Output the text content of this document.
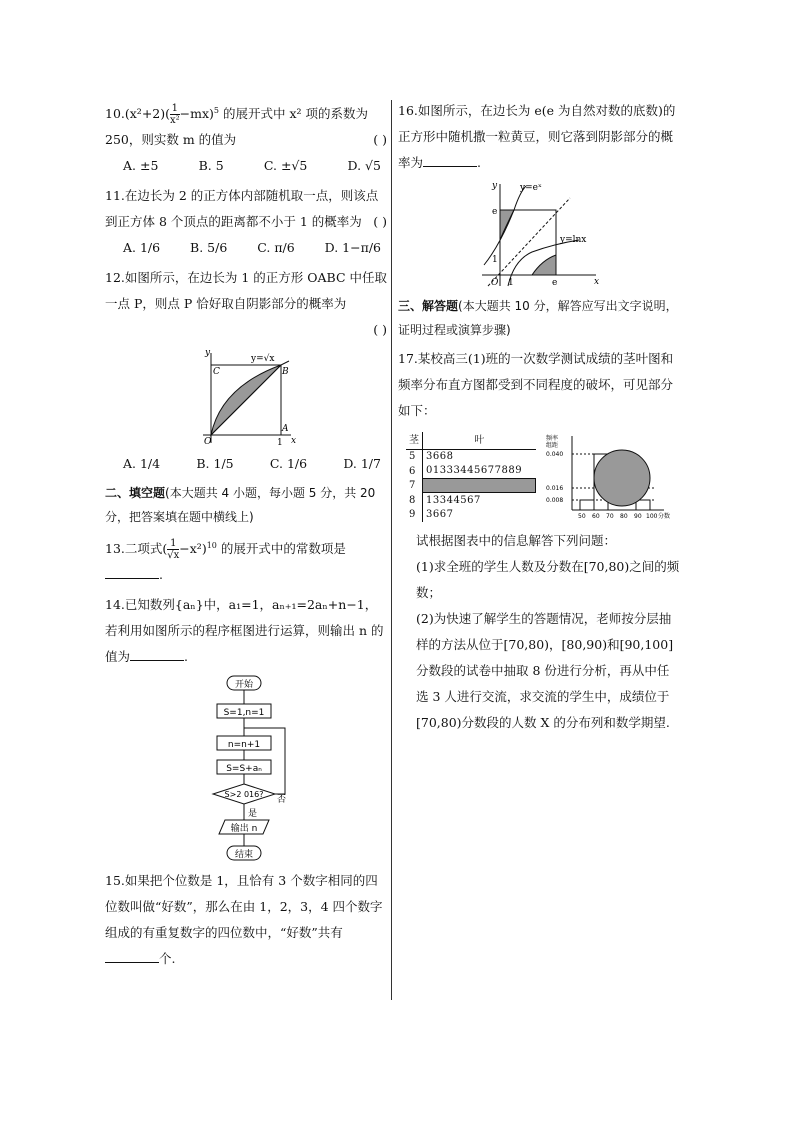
$10.(x^2+2)( \frac{1}{\text{x²}} -mx)^5$ 的展开式中 x² 项的系数为 250，则实数 m 的值为	( )
A. ±5	B. 5	C. ±√5	D. √5
11.在边长为 2 的正方体内部随机取一点，则该点到正方体 8 个顶点的距离都不小于 1 的概率为 ( )
A. 1/6 B. 5/6 C. π/6 D. 1−π/6
12.如图所示，在边长为 1 的正方形 OABC 中任取一点 P，则点 P 恰好取自阴影部分的概率为
( )
y
x
y=√x
C	B
O
A
1
A. 1/4	B. 1/5	C. 1/6	D. 1/7
二、填空题(本大题共 4 小题，每小题 5 分，共 20 分，把答案填在题中横线上)
13.二项式( $\frac{1}{√x} -x^2)^{10}$ 的展开式中的常数项是
.
14.已知数列{aₙ}中，a₁=1，aₙ₊₁=2aₙ+n−1，若利用如图所示的程序框图进行运算，则输出 n 的值为	.
开始
S=1,n=1
n=n+1
S=S+aₙ
S>2 016?
否
是
输出 n
结束
15.如果把个位数是 1，且恰有 3 个数字相同的四位数叫做“好数”，那么在由 1，2，3，4 四个数字组成的有重复数字的四位数中，“好数”共有
个.
16.如图所示，在边长为 e(e 为自然对数的底数)的正方形中随机撒一粒黄豆，则它落到阴影部分的概率为	.
y
x
y=eˣ
y=lnx
e
1
e
1
O
三、解答题(本大题共 10 分，解答应写出文字说明，证明过程或演算步骤)
17.某校高三(1)班的一次数学测试成绩的茎叶图和频率分布直方图都受到不同程度的破坏，可见部分如下：
茎	叶
5	3668
6	01333445677889
7	
8	13344567
9	3667
频率
组距
0.040
0.016
0.008
50 60 70 80 90 100 分数
试根据图表中的信息解答下列问题：
(1)求全班的学生人数及分数在[70,80)之间的频数；
(2)为快速了解学生的答题情况，老师按分层抽样的方法从位于[70,80)，[80,90)和[90,100]分数段的试卷中抽取 8 份进行分析，再从中任选 3 人进行交流，求交流的学生中，成绩位于[70,80)分数段的人数 X 的分布列和数学期望.
